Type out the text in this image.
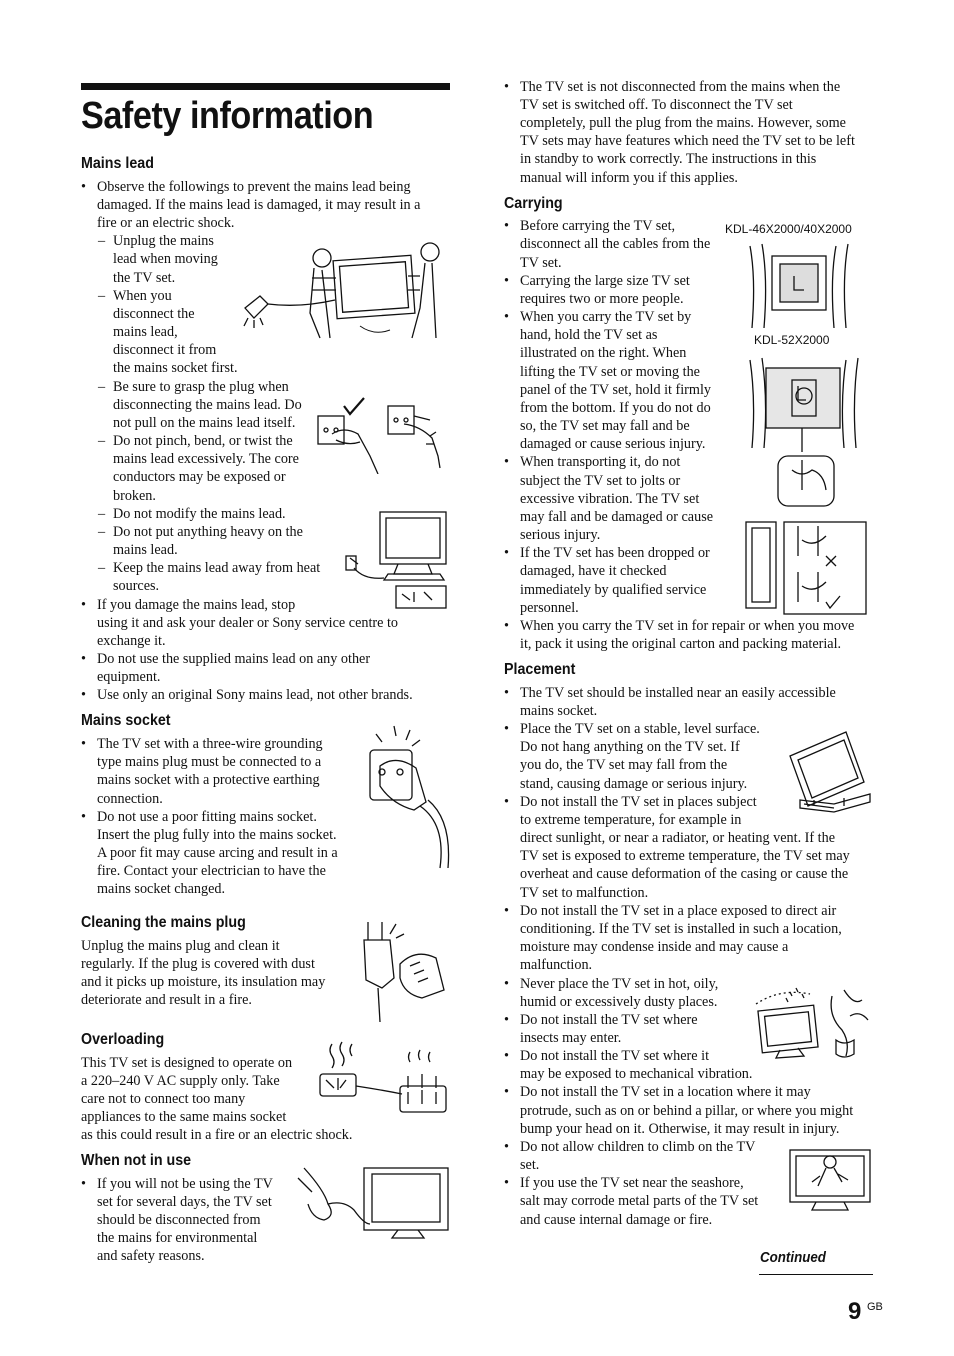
Safety information
Mains lead
• Observe the followings to prevent the mains lead being
damaged. If the mains lead is damaged, it may result in a
fire or an electric shock.
– Unplug the mains
lead when moving
the TV set.
– When you
disconnect the
mains lead,
disconnect it from
the mains socket first.
– Be sure to grasp the plug when
disconnecting the mains lead. Do
not pull on the mains lead itself.
– Do not pinch, bend, or twist the
mains lead excessively. The core
conductors may be exposed or
broken.
– Do not modify the mains lead.
– Do not put anything heavy on the
mains lead.
– Keep the mains lead away from heat
sources.
• If you damage the mains lead, stop
using it and ask your dealer or Sony service centre to
exchange it.
• Do not use the supplied mains lead on any other
equipment.
• Use only an original Sony mains lead, not other brands.
Mains socket
• The TV set with a three-wire grounding
type mains plug must be connected to a
mains socket with a protective earthing
connection.
• Do not use a poor fitting mains socket.
Insert the plug fully into the mains socket.
A poor fit may cause arcing and result in a
fire. Contact your electrician to have the
mains socket changed.
Cleaning the mains plug
Unplug the mains plug and clean it
regularly. If the plug is covered with dust
and it picks up moisture, its insulation may
deteriorate and result in a fire.
Overloading
This TV set is designed to operate on
a 220–240 V AC supply only. Take
care not to connect too many
appliances to the same mains socket
as this could result in a fire or an electric shock.
When not in use
• If you will not be using the TV
set for several days, the TV set
should be disconnected from
the mains for environmental
and safety reasons.
• The TV set is not disconnected from the mains when the
TV set is switched off. To disconnect the TV set
completely, pull the plug from the mains. However, some
TV sets may have features which need the TV set to be left
in standby to work correctly. The instructions in this
manual will inform you if this applies.
Carrying
• Before carrying the TV set,
disconnect all the cables from the
TV set.
• Carrying the large size TV set
requires two or more people.
• When you carry the TV set by
hand, hold the TV set as
illustrated on the right. When
lifting the TV set or moving the
panel of the TV set, hold it firmly
from the bottom. If you do not do
so, the TV set may fall and be
damaged or cause serious injury.
• When transporting it, do not
subject the TV set to jolts or
excessive vibration. The TV set
may fall and be damaged or cause
serious injury.
• If the TV set has been dropped or
damaged, have it checked
immediately by qualified service
personnel.
• When you carry the TV set in for repair or when you move
it, pack it using the original carton and packing material.
KDL-46X2000/40X2000
KDL-52X2000
Placement
• The TV set should be installed near an easily accessible
mains socket.
• Place the TV set on a stable, level surface.
Do not hang anything on the TV set. If
you do, the TV set may fall from the
stand, causing damage or serious injury.
• Do not install the TV set in places subject
to extreme temperature, for example in
direct sunlight, or near a radiator, or heating vent. If the
TV set is exposed to extreme temperature, the TV set may
overheat and cause deformation of the casing or cause the
TV set to malfunction.
• Do not install the TV set in a place exposed to direct air
conditioning. If the TV set is installed in such a location,
moisture may condense inside and may cause a
malfunction.
• Never place the TV set in hot, oily,
humid or excessively dusty places.
• Do not install the TV set where
insects may enter.
• Do not install the TV set where it
may be exposed to mechanical vibration.
• Do not install the TV set in a location where it may
protrude, such as on or behind a pillar, or where you might
bump your head on it. Otherwise, it may result in injury.
• Do not allow children to climb on the TV
set.
• If you use the TV set near the seashore,
salt may corrode metal parts of the TV set
and cause internal damage or fire.
Continued
9 GB
